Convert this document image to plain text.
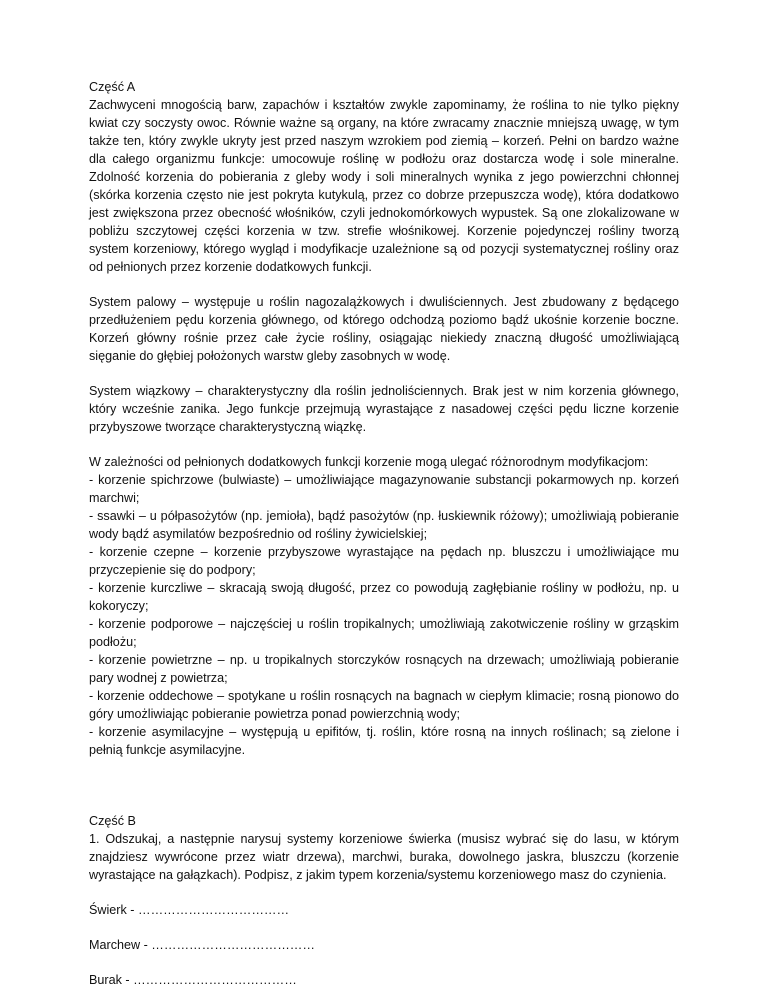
Część A
Zachwyceni mnogością barw, zapachów i kształtów zwykle zapominamy, że roślina to nie tylko piękny kwiat czy soczysty owoc. Równie ważne są organy, na które zwracamy znacznie mniejszą uwagę, w tym także ten, który zwykle ukryty jest przed naszym wzrokiem pod ziemią – korzeń. Pełni on bardzo ważne dla całego organizmu funkcje: umocowuje roślinę w podłożu oraz dostarcza wodę i sole mineralne. Zdolność korzenia do pobierania z gleby wody i soli mineralnych wynika z jego powierzchni chłonnej (skórka korzenia często nie jest pokryta kutykulą, przez co dobrze przepuszcza wodę), która dodatkowo jest zwiększona przez obecność włośników, czyli jednokomórkowych wypustek. Są one zlokalizowane w pobliżu szczytowej części korzenia w tzw. strefie włośnikowej. Korzenie pojedynczej rośliny tworzą system korzeniowy, którego wygląd i modyfikacje uzależnione są od pozycji systematycznej rośliny oraz od pełnionych przez korzenie dodatkowych funkcji.
System palowy – występuje u roślin nagozalążkowych i dwuliściennych. Jest zbudowany z będącego przedłużeniem pędu korzenia głównego, od którego odchodzą poziomo bądź ukośnie korzenie boczne. Korzeń główny rośnie przez całe życie rośliny, osiągając niekiedy znaczną długość umożliwiającą sięganie do głębiej położonych warstw gleby zasobnych w wodę.
System wiązkowy – charakterystyczny dla roślin jednoliściennych. Brak jest w nim korzenia głównego, który wcześnie zanika. Jego funkcje przejmują wyrastające z nasadowej części pędu liczne korzenie przybyszowe tworzące charakterystyczną wiązkę.
W zależności od pełnionych dodatkowych funkcji korzenie mogą ulegać różnorodnym modyfikacjom:
- korzenie spichrzowe (bulwiaste) – umożliwiające magazynowanie substancji pokarmowych np. korzeń marchwi;
- ssawki – u półpasożytów (np. jemioła), bądź pasożytów (np. łuskiewnik różowy); umożliwiają pobieranie wody bądź asymilatów bezpośrednio od rośliny żywicielskiej;
- korzenie czepne – korzenie przybyszowe wyrastające na pędach np. bluszczu i umożliwiające mu przyczepienie się do podpory;
- korzenie kurczliwe – skracają swoją długość, przez co powodują zagłębianie rośliny w podłożu, np. u kokoryczy;
- korzenie podporowe – najczęściej u roślin tropikalnych; umożliwiają zakotwiczenie rośliny w grząskim podłożu;
- korzenie powietrzne – np. u tropikalnych storczyków rosnących na drzewach; umożliwiają pobieranie pary wodnej z powietrza;
- korzenie oddechowe – spotykane u roślin rosnących na bagnach w ciepłym klimacie; rosną pionowo do góry umożliwiając pobieranie powietrza ponad powierzchnią wody;
- korzenie asymilacyjne – występują u epifitów, tj. roślin, które rosną na innych roślinach; są zielone i pełnią funkcje asymilacyjne.
Część B
1. Odszukaj, a następnie narysuj systemy korzeniowe świerka (musisz wybrać się do lasu, w którym znajdziesz wywrócone przez wiatr drzewa), marchwi, buraka, dowolnego jaskra, bluszczu (korzenie wyrastające na gałązkach). Podpisz, z jakim typem korzenia/systemu korzeniowego masz do czynienia.
Świerk - ………………………………
Marchew - …………………………………
Burak - …………………………………
